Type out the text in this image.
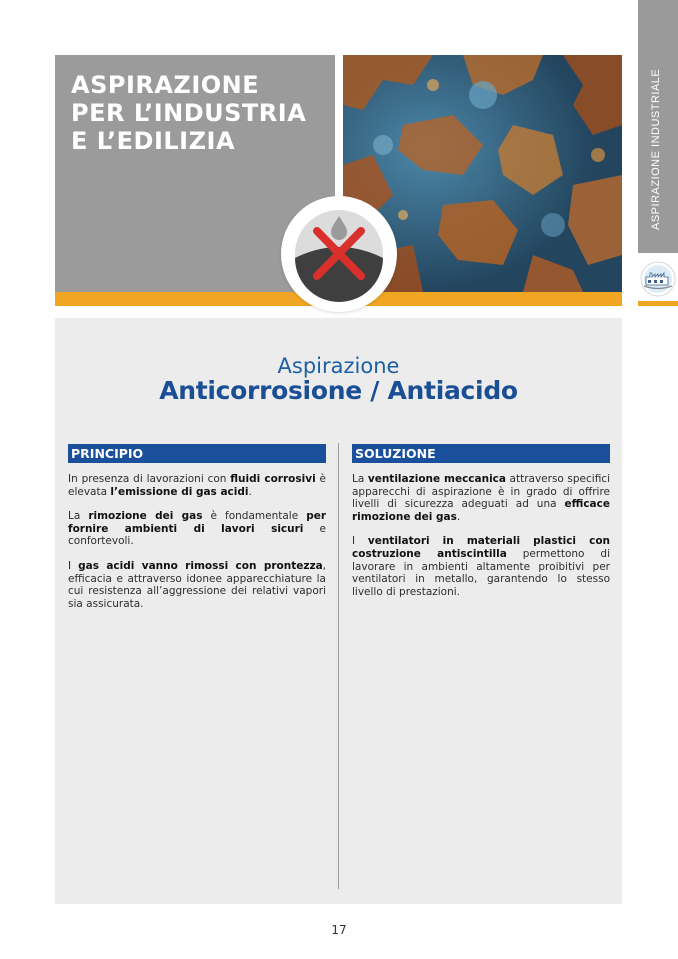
ASPIRAZIONE INDUSTRIALE
ASPIRAZIONE
PER L’INDUSTRIA
E L’EDILIZIA
Aspirazione
Anticorrosione / Antiacido
PRINCIPIO

In presenza di lavorazioni con fluidi corrosivi è elevata l’emissione di gas acidi.

La rimozione dei gas è fondamentale per fornire ambienti di lavori sicuri e confortevoli.

I gas acidi vanno rimossi con prontezza, efficacia e attraverso idonee apparecchiature la cui resistenza all’aggressione dei relativi vapori sia assicurata.

SOLUZIONE

La ventilazione meccanica attraverso specifici apparecchi di aspirazione è in grado di offrire livelli di sicurezza adeguati ad una efficace rimozione dei gas.

I ventilatori in materiali plastici con costruzione antiscintilla permettono di lavorare in ambienti altamente proibitivi per ventilatori in metallo, garantendo lo stesso livello di prestazioni.

17
